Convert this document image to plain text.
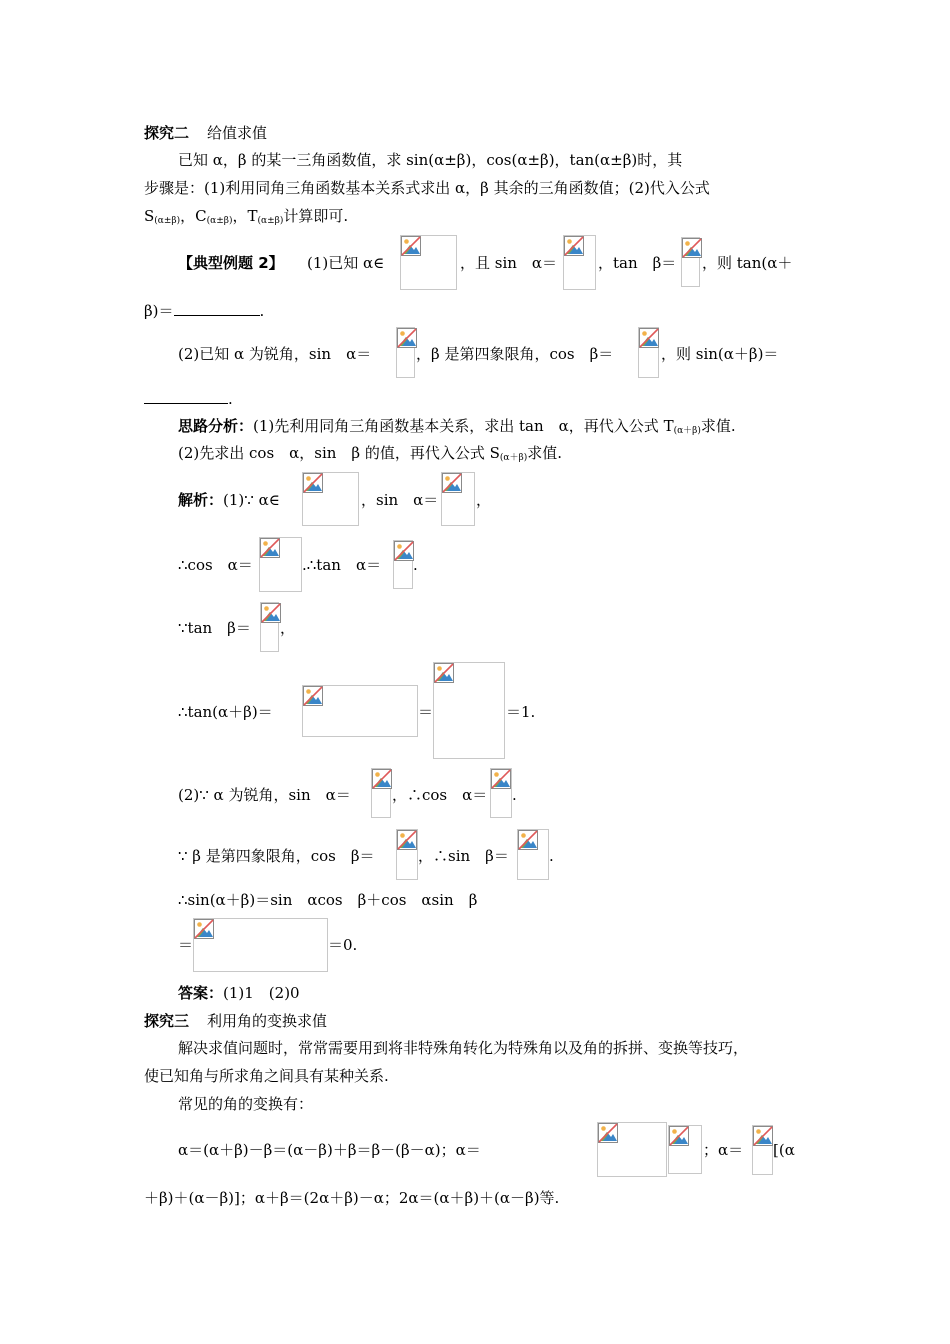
探究二 给值求值
已知 α，β 的某一三角函数值，求 sin(α±β)，cos(α±β)，tan(α±β)时，其
步骤是：(1)利用同角三角函数基本关系式求出 α，β 其余的三角函数值；(2)代入公式
$S_{(\alpha\pm\beta)}$，$C_{(\alpha\pm\beta)}$，$T_{(\alpha\pm\beta)}$计算即可.
【典型例题 2】 (1)已知 α∈	，且 sin　α＝	，tan　β＝ ，则 tan(α＋
β)＝	.
(2)已知 α 为锐角，sin　α＝	，β 是第四象限角，cos　β＝	，则 sin(α＋β)＝
.
思路分析：(1)先利用同角三角函数基本关系，求出 tan　α，再代入公式 $T_{(\alpha+\beta)}$求值.
(2)先求出 cos　α，sin　β 的值，再代入公式 $S_{(\alpha+\beta)}$求值.
解析：(1)∵ α∈	，sin　α＝	，
∴cos　α＝	.∴tan　α＝ .
∵tan　β＝ ，
∴tan(α＋β)＝	＝	＝1.
(2)∵ α 为锐角，sin　α＝	，∴cos　α＝ .
∵ β 是第四象限角，cos　β＝	，∴sin　β＝	.
∴sin(α＋β)＝sin　αcos　β＋cos　αsin　β
＝	＝0.
答案：(1)1　(2)0
探究三 利用角的变换求值
解决求值问题时，常常需要用到将非特殊角转化为特殊角以及角的拆拼、变换等技巧，
使已知角与所求角之间具有某种关系.
常见的角的变换有：
α＝(α＋β)－β＝(α－β)＋β＝β－(β－α)；α＝	；α＝ [(α
＋β)＋(α－β)]；α＋β＝(2α＋β)－α；2α＝(α＋β)＋(α－β)等.
